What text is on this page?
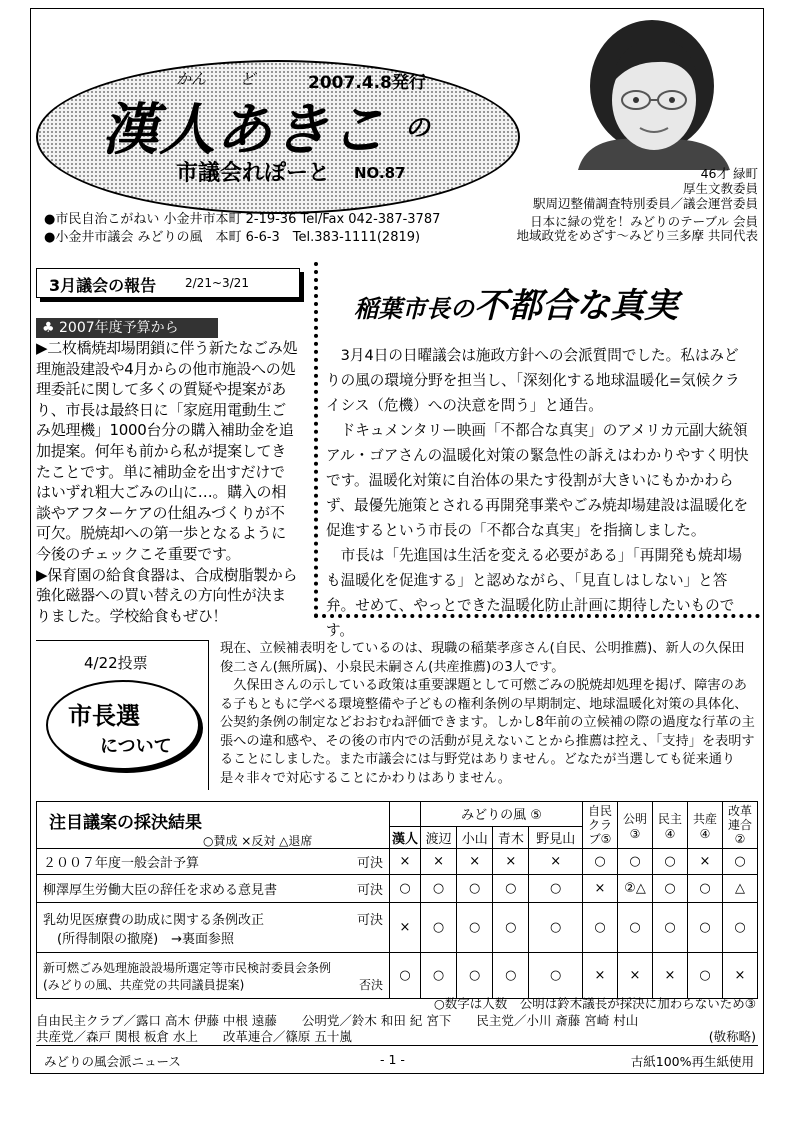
かん ど	2007.4.8発行
漢人あきこ の
市議会れぽーと NO.87
●市民自治こがねい 小金井市本町 2-19-36 Tel/Fax 042-387-3787
●小金井市議会 みどりの風　本町 6-6-3　Tel.383-1111(2819)
46才 緑町
厚生文教委員
駅周辺整備調査特別委員／議会運営委員
日本に緑の党を！みどりのテーブル 会員
地域政党をめざす～みどり三多摩 共同代表
3月議会の報告 2/21~3/21
♣ 2007年度予算から

▶二枚橋焼却場閉鎖に伴う新たなごみ処理施設建設や4月からの他市施設への処理委託に関して多くの質疑や提案があり、市長は最終日に「家庭用電動生ごみ処理機」1000台分の購入補助金を追加提案。何年も前から私が提案してきたことです。単に補助金を出すだけではいずれ粗大ごみの山に…。購入の相談やアフターケアの仕組みづくりが不可欠。脱焼却への第一歩となるように今後のチェックこそ重要です。

▶保育園の給食食器は、合成樹脂製から強化磁器への買い替えの方向性が決まりました。学校給食もぜひ！

稲葉市長の不都合な真実

3月4日の日曜議会は施政方針への会派質問でした。私はみどりの風の環境分野を担当し、「深刻化する地球温暖化=気候クライシス（危機）への決意を問う」と通告。

ドキュメンタリー映画「不都合な真実」のアメリカ元副大統領アル・ゴアさんの温暖化対策の緊急性の訴えはわかりやすく明快です。温暖化対策に自治体の果たす役割が大きいにもかかわらず、最優先施策とされる再開発事業やごみ焼却場建設は温暖化を促進するという市長の「不都合な真実」を指摘しました。

市長は「先進国は生活を変える必要がある」「再開発も焼却場も温暖化を促進する」と認めながら、「見直しはしない」と答弁。せめて、やっとできた温暖化防止計画に期待したいものです。

4/22投票
市長選
について

現在、立候補表明をしているのは、現職の稲葉孝彦さん(自民、公明推薦)、新人の久保田俊二さん(無所属)、小泉民未嗣さん(共産推薦)の3人です。

久保田さんの示している政策は重要課題として可燃ごみの脱焼却処理を掲げ、障害のある子もともに学べる環境整備や子どもの権利条例の早期制定、地球温暖化対策の具体化、公契約条例の制定などおおむね評価できます。しかし8年前の立候補の際の過度な行革の主張への違和感や、その後の市内での活動が見えないことから推薦は控え、「支持」を表明することにしました。また市議会には与野党はありません。どなたが当選しても従来通り是々非々で対応することにかわりはありません。

注目議案の採決結果
○賛成 ×反対 △退席		みどりの風 ⑤				自民クラブ⑤	公明③	民主④	共産④	改革連合②
	漢人	渡辺	小山	青木	野見山					
２００７年度一般会計予算 可決	×	×	×	×	×	○	○	○	×	○
柳澤厚生労働大臣の辞任を求める意見書 可決	○	○	○	○	○	×	②△	○	○	△

乳幼児医療費の助成に関する条例改正 可決
(所得制限の撤廃)　→裏面参照	×	○	○	○	○	○	○	○	○	○

新可燃ごみ処理施設設場所選定等市民検討委員会条例
(みどりの風、共産党の共同議員提案) 否決	○	○	○	○	○	×	×	×	○	×
○数字は人数　公明は鈴木議長が採決に加わらないため③
自由民主クラブ／露口 高木 伊藤 中根 遠藤　　公明党／鈴木 和田 紀 宮下　　民主党／小川 斎藤 宮崎 村山
共産党／森戸 関根 板倉 水上　　改革連合／篠原 五十嵐	(敬称略)
みどりの風会派ニュース	- 1 -	古紙100%再生紙使用
